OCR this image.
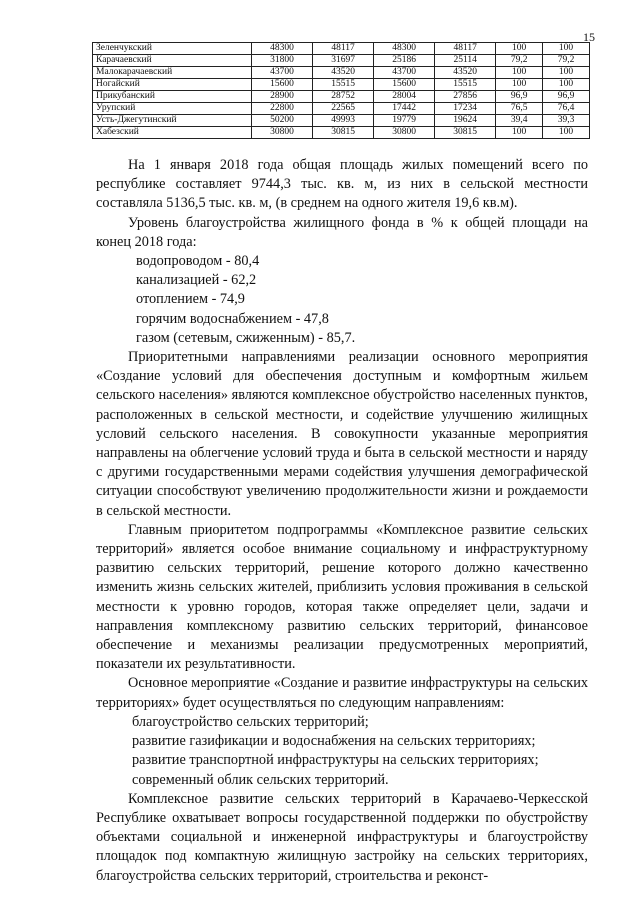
15
Зеленчукский	48300	48117	48300	48117	100	100
Карачаевский	31800	31697	25186	25114	79,2	79,2
Малокарачаевский	43700	43520	43700	43520	100	100
Ногайский	15600	15515	15600	15515	100	100
Прикубанский	28900	28752	28004	27856	96,9	96,9
Урупский	22800	22565	17442	17234	76,5	76,4
Усть-Джегутинский	50200	49993	19779	19624	39,4	39,3
Хабезский	30800	30815	30800	30815	100	100

На 1 января 2018 года общая площадь жилых помещений всего по республике составляет 9744,3 тыс. кв. м, из них в сельской местности составляла 5136,5 тыс. кв. м, (в среднем на одного жителя 19,6 кв.м).

Уровень благоустройства жилищного фонда в % к общей площади на конец 2018 года:

водопроводом - 80,4
канализацией - 62,2
отоплением - 74,9
горячим водоснабжением - 47,8
газом (сетевым, сжиженным) - 85,7.

Приоритетными направлениями реализации основного мероприятия «Создание условий для обеспечения доступным и комфортным жильем сельского населения» являются комплексное обустройство населенных пунктов, расположенных в сельской местности, и содействие улучшению жилищных условий сельского населения. В совокупности указанные мероприятия направлены на облегчение условий труда и быта в сельской местности и наряду с другими государственными мерами содействия улучшения демографической ситуации способствуют увеличению продолжительности жизни и рождаемости в сельской местности.

Главным приоритетом подпрограммы «Комплексное развитие сельских территорий» является особое внимание социальному и инфраструктурному развитию сельских территорий, решение которого должно качественно изменить жизнь сельских жителей, приблизить условия проживания в сельской местности к уровню городов, которая также определяет цели, задачи и направления комплексному развитию сельских территорий, финансовое обеспечение и механизмы реализации предусмотренных мероприятий, показатели их результативности.

Основное мероприятие «Создание и развитие инфраструктуры на сельских территориях» будет осуществляться по следующим направлениям:

благоустройство сельских территорий;
развитие газификации и водоснабжения на сельских территориях;
развитие транспортной инфраструктуры на сельских территориях;
современный облик сельских территорий.

Комплексное развитие сельских территорий в Карачаево-Черкесской Республике охватывает вопросы государственной поддержки по обустройству объектами социальной и инженерной инфраструктуры и благоустройству площадок под компактную жилищную застройку на сельских территориях, благоустройства сельских территорий, строительства и реконст-
